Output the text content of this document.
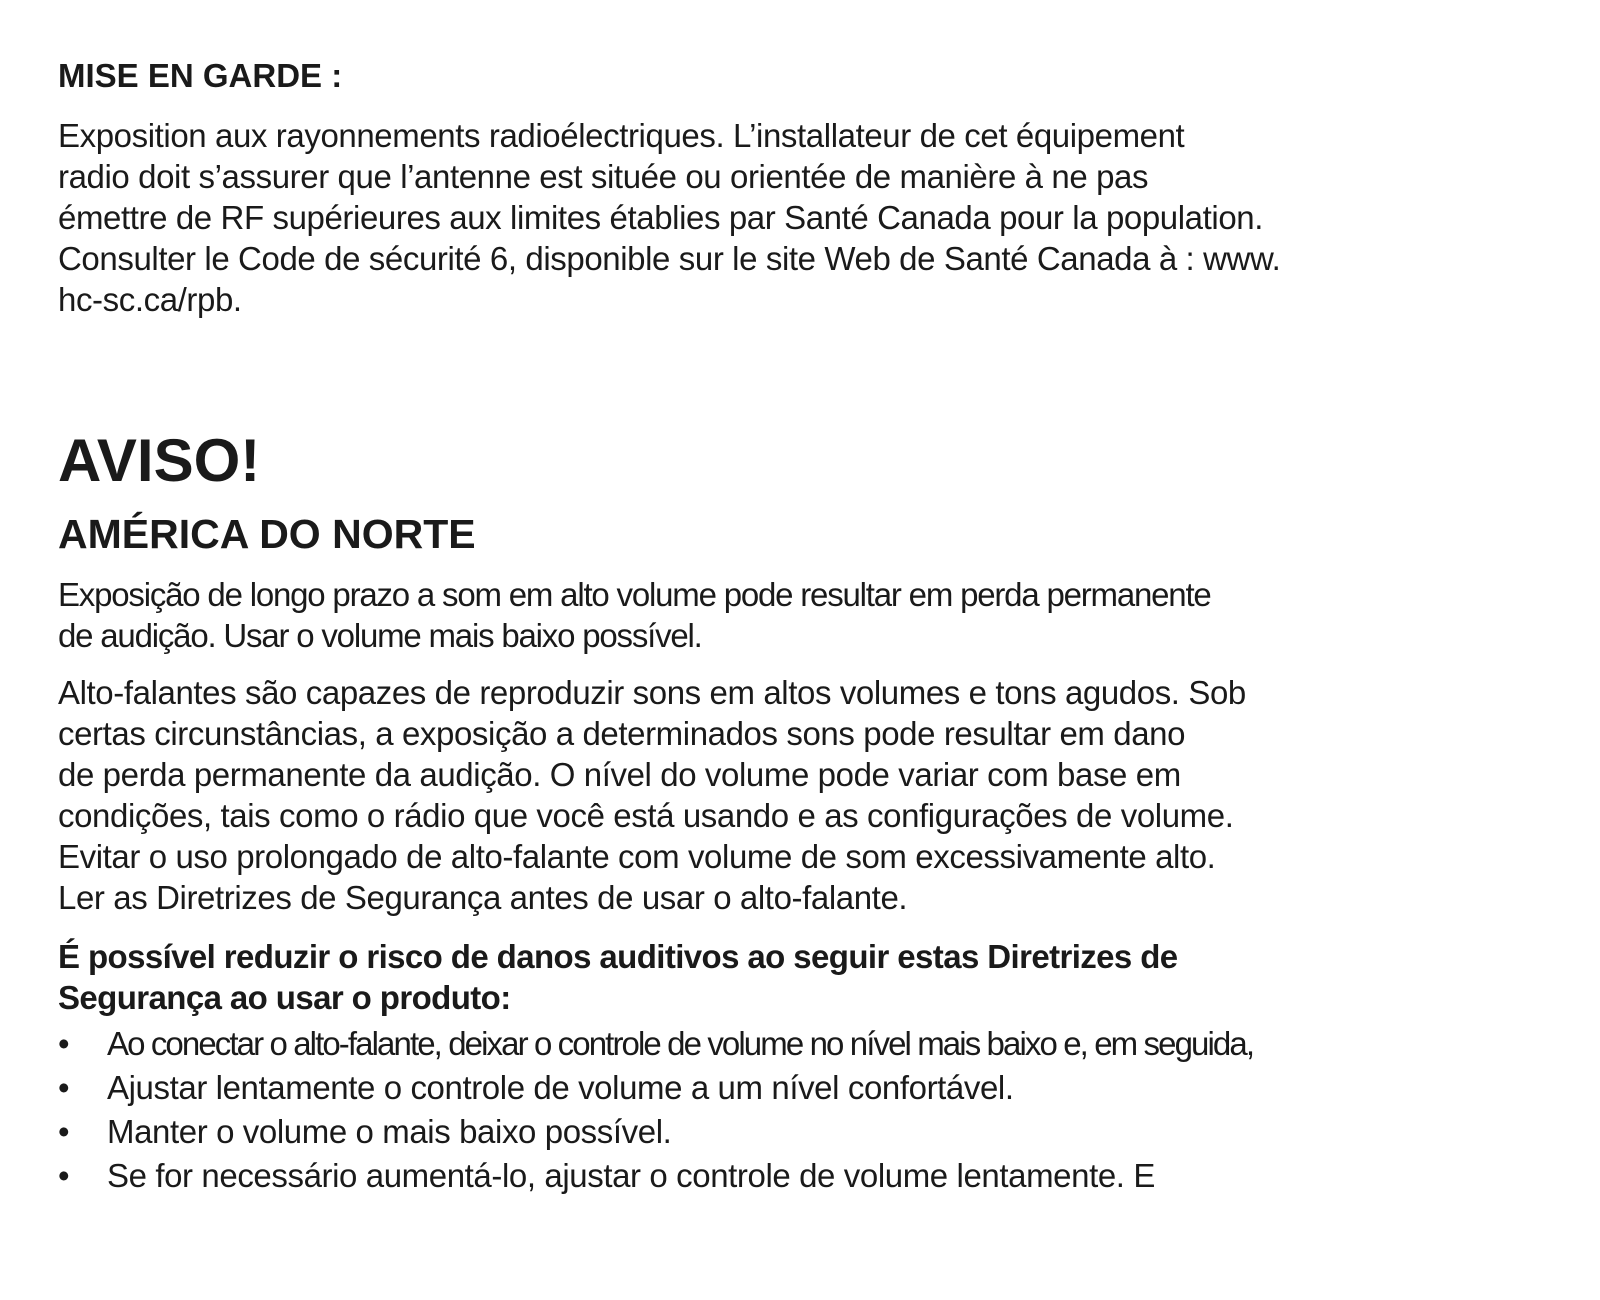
MISE EN GARDE :

Exposition aux rayonnements radioélectriques. L’installateur de cet équipement
radio doit s’assurer que l’antenne est située ou orientée de manière à ne pas
émettre de RF supérieures aux limites établies par Santé Canada pour la population.
Consulter le Code de sécurité 6, disponible sur le site Web de Santé Canada à : www.
hc-sc.ca/rpb.

AVISO!
AMÉRICA DO NORTE

Exposição de longo prazo a som em alto volume pode resultar em perda permanente
de audição. Usar o volume mais baixo possível.

Alto-falantes são capazes de reproduzir sons em altos volumes e tons agudos. Sob
certas circunstâncias, a exposição a determinados sons pode resultar em dano
de perda permanente da audição. O nível do volume pode variar com base em
condições, tais como o rádio que você está usando e as configurações de volume.
Evitar o uso prolongado de alto-falante com volume de som excessivamente alto.
Ler as Diretrizes de Segurança antes de usar o alto-falante.

É possível reduzir o risco de danos auditivos ao seguir estas Diretrizes de
Segurança ao usar o produto:

• Ao conectar o alto-falante, deixar o controle de volume no nível mais baixo e, em seguida,
• Ajustar lentamente o controle de volume a um nível confortável.
• Manter o volume o mais baixo possível.
• Se for necessário aumentá-lo, ajustar o controle de volume lentamente. E
